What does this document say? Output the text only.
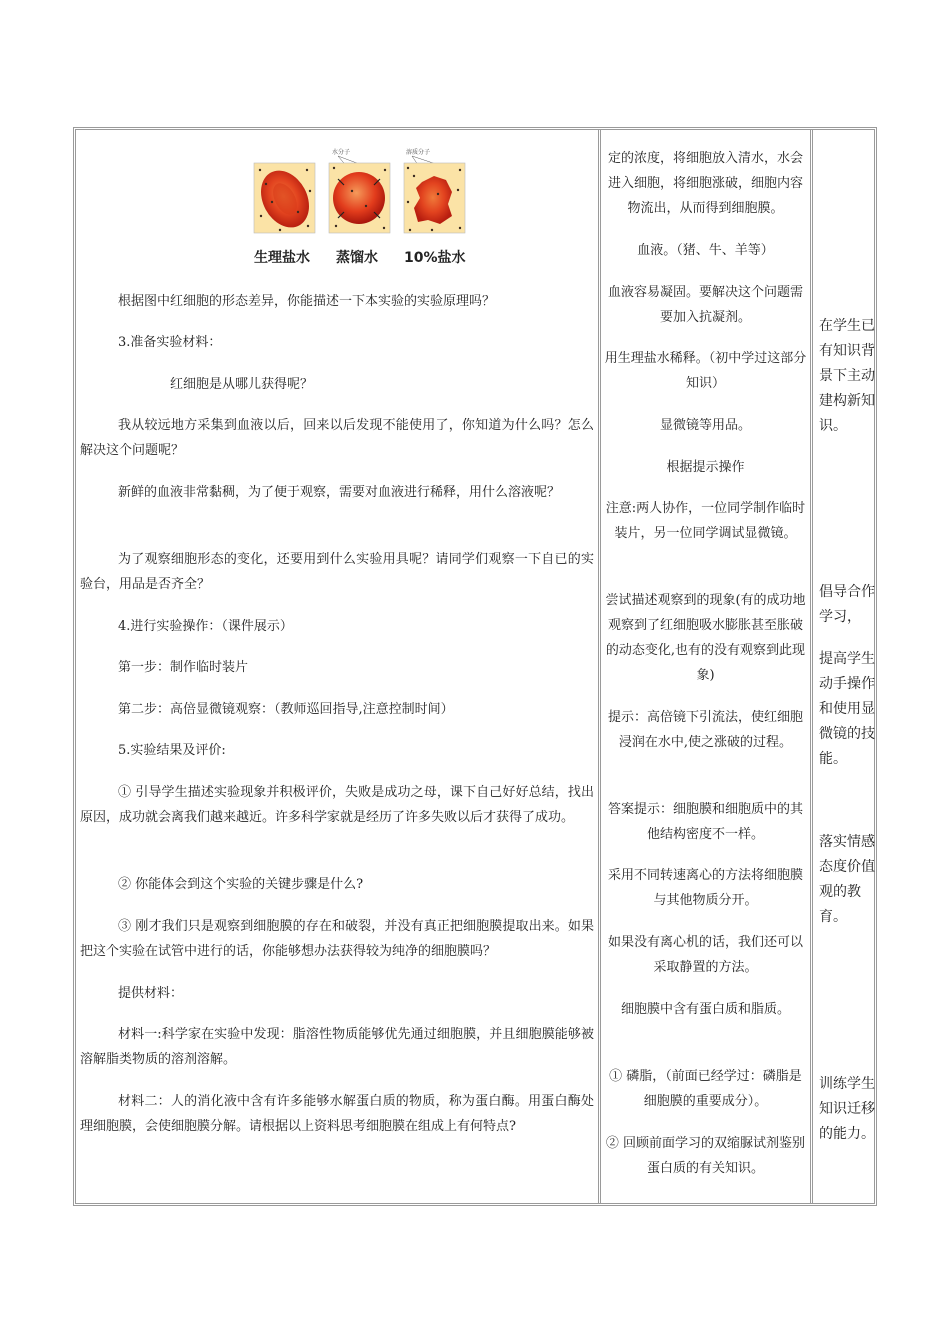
水分子	溶质分子
生理盐水 蒸馏水 10%盐水

根据图中红细胞的形态差异，你能描述一下本实验的实验原理吗？

3.准备实验材料：

红细胞是从哪儿获得呢？

我从较远地方采集到血液以后，回来以后发现不能使用了，你知道为什么吗？怎么解决这个问题呢？

新鲜的血液非常黏稠，为了便于观察，需要对血液进行稀释，用什么溶液呢？

为了观察细胞形态的变化，还要用到什么实验用具呢？请同学们观察一下自已的实验台，用品是否齐全？

4.进行实验操作：（课件展示）

第一步：制作临时装片

第二步：高倍显微镜观察：（教师巡回指导,注意控制时间）

5.实验结果及评价:

① 引导学生描述实验现象并积极评价，失败是成功之母，课下自己好好总结，找出原因，成功就会离我们越来越近。许多科学家就是经历了许多失败以后才获得了成功。

② 你能体会到这个实验的关键步骤是什么?

③ 刚才我们只是观察到细胞膜的存在和破裂，并没有真正把细胞膜提取出来。如果把这个实验在试管中进行的话，你能够想办法获得较为纯净的细胞膜吗？

提供材料：

材料一:科学家在实验中发现：脂溶性物质能够优先通过细胞膜，并且细胞膜能够被溶解脂类物质的溶剂溶解。

材料二：人的消化液中含有许多能够水解蛋白质的物质，称为蛋白酶。用蛋白酶处理细胞膜，会使细胞膜分解。请根据以上资料思考细胞膜在组成上有何特点?

定的浓度，将细胞放入清水，水会进入细胞，将细胞涨破，细胞内容物流出，从而得到细胞膜。

血液。（猪、牛、羊等）

血液容易凝固。要解决这个问题需要加入抗凝剂。

用生理盐水稀释。（初中学过这部分知识）

显微镜等用品。

根据提示操作

注意:两人协作，一位同学制作临时装片，另一位同学调试显微镜。

尝试描述观察到的现象(有的成功地观察到了红细胞吸水膨胀甚至胀破的动态变化,也有的没有观察到此现象)

提示：高倍镜下引流法，使红细胞浸润在水中,使之涨破的过程。

答案提示：细胞膜和细胞质中的其他结构密度不一样。

采用不同转速离心的方法将细胞膜与其他物质分开。

如果没有离心机的话，我们还可以采取静置的方法。

细胞膜中含有蛋白质和脂质。

① 磷脂，（前面已经学过：磷脂是细胞膜的重要成分）。

② 回顾前面学习的双缩脲试剂鉴别蛋白质的有关知识。

在学生已有知识背景下主动建构新知识。

倡导合作学习，

提高学生动手操作和使用显微镜的技能。

落实情感态度价值观的教育。

训练学生知识迁移的能力。
